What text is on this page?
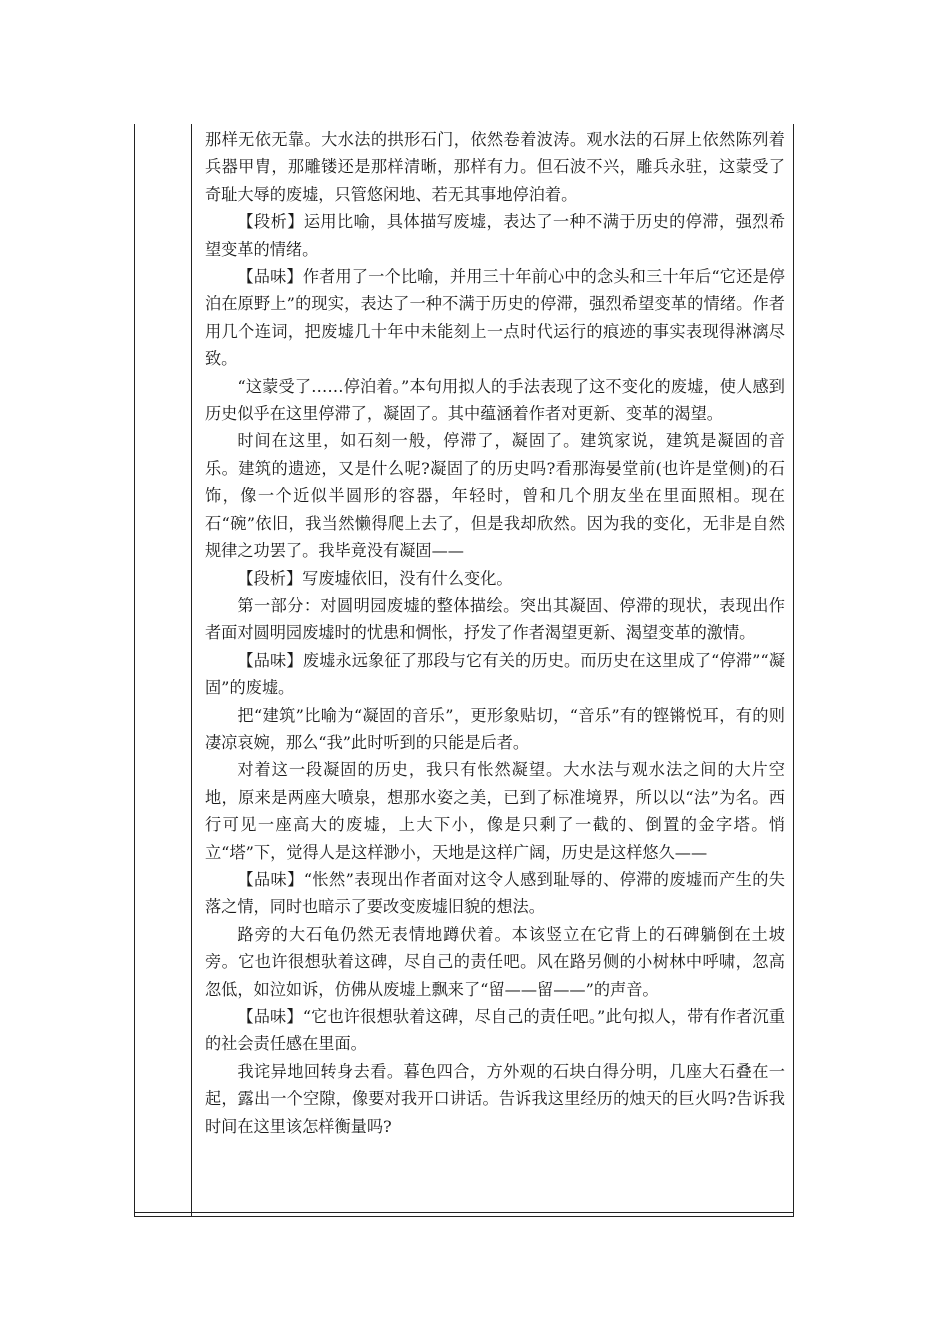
那样无依无靠。大水法的拱形石门，依然卷着波涛。观水法的石屏上依然陈列着兵器甲胄，那雕镂还是那样清晰，那样有力。但石波不兴，雕兵永驻，这蒙受了奇耻大辱的废墟，只管悠闲地、若无其事地停泊着。

【段析】运用比喻，具体描写废墟，表达了一种不满于历史的停滞，强烈希望变革的情绪。

【品味】作者用了一个比喻，并用三十年前心中的念头和三十年后“它还是停泊在原野上”的现实，表达了一种不满于历史的停滞，强烈希望变革的情绪。作者用几个连词，把废墟几十年中未能刻上一点时代运行的痕迹的事实表现得淋漓尽致。

“这蒙受了……停泊着。”本句用拟人的手法表现了这不变化的废墟，使人感到历史似乎在这里停滞了，凝固了。其中蕴涵着作者对更新、变革的渴望。

时间在这里，如石刻一般，停滞了，凝固了。建筑家说，建筑是凝固的音乐。建筑的遗迹，又是什么呢?凝固了的历史吗?看那海晏堂前(也许是堂侧)的石饰，像一个近似半圆形的容器，年轻时，曾和几个朋友坐在里面照相。现在石“碗”依旧，我当然懒得爬上去了，但是我却欣然。因为我的变化，无非是自然规律之功罢了。我毕竟没有凝固——

【段析】写废墟依旧，没有什么变化。

第一部分：对圆明园废墟的整体描绘。突出其凝固、停滞的现状，表现出作者面对圆明园废墟时的忧患和惆怅，抒发了作者渴望更新、渴望变革的激情。

【品味】废墟永远象征了那段与它有关的历史。而历史在这里成了“停滞”“凝固”的废墟。

把“建筑”比喻为“凝固的音乐”，更形象贴切，“音乐”有的铿锵悦耳，有的则凄凉哀婉，那么“我”此时听到的只能是后者。

对着这一段凝固的历史，我只有怅然凝望。大水法与观水法之间的大片空地，原来是两座大喷泉，想那水姿之美，已到了标准境界，所以以“法”为名。西行可见一座高大的废墟，上大下小，像是只剩了一截的、倒置的金字塔。悄立“塔”下，觉得人是这样渺小，天地是这样广阔，历史是这样悠久——

【品味】“怅然”表现出作者面对这令人感到耻辱的、停滞的废墟而产生的失落之情，同时也暗示了要改变废墟旧貌的想法。

路旁的大石龟仍然无表情地蹲伏着。本该竖立在它背上的石碑躺倒在土坡旁。它也许很想驮着这碑，尽自己的责任吧。风在路另侧的小树林中呼啸，忽高忽低，如泣如诉，仿佛从废墟上飘来了“留——留——”的声音。

【品味】“它也许很想驮着这碑，尽自己的责任吧。”此句拟人，带有作者沉重的社会责任感在里面。

我诧异地回转身去看。暮色四合，方外观的石块白得分明，几座大石叠在一起，露出一个空隙，像要对我开口讲话。告诉我这里经历的烛天的巨火吗?告诉我时间在这里该怎样衡量吗?
